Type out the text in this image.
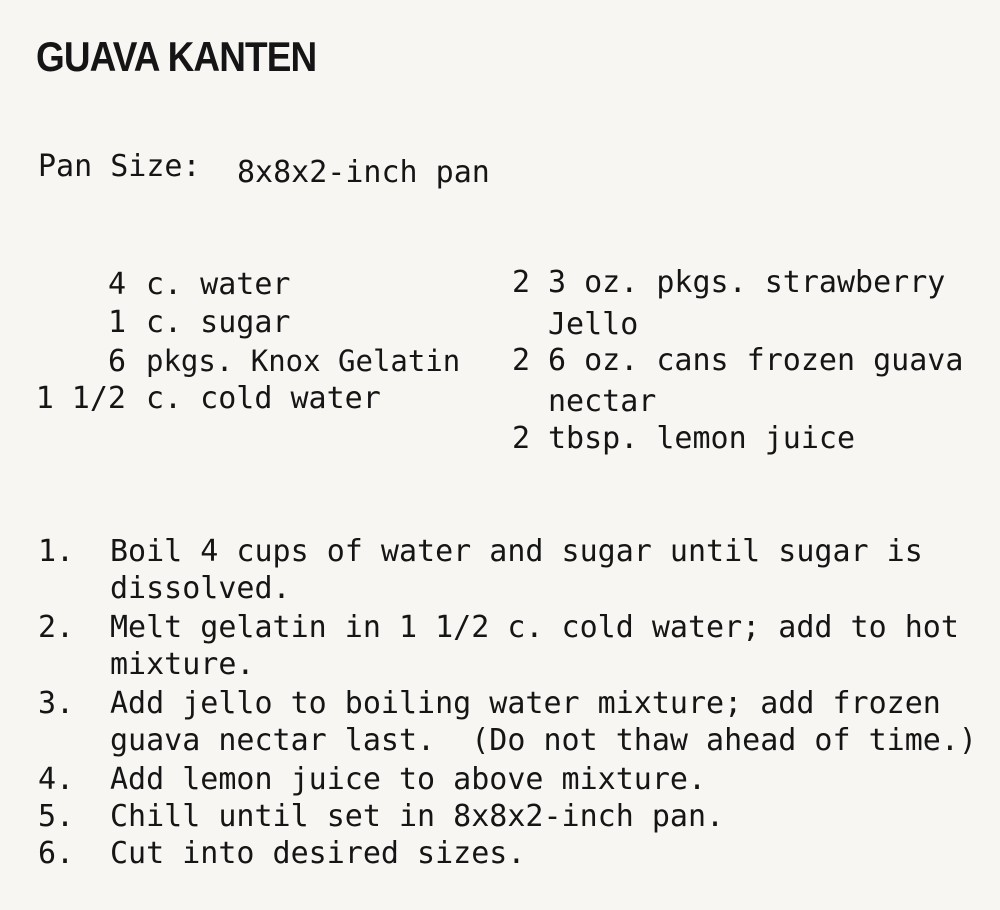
GUAVA KANTEN
Pan Size: 8x8x2-inch pan
4 c. water
1 c. sugar
6 pkgs. Knox Gelatin
1 1/2 c. cold water
2 3 oz. pkgs. strawberry
Jello
2 6 oz. cans frozen guava
nectar
2 tbsp. lemon juice
1. Boil 4 cups of water and sugar until sugar is
dissolved.
2. Melt gelatin in 1 1/2 c. cold water; add to hot
mixture.
3. Add jello to boiling water mixture; add frozen
guava nectar last.  (Do not thaw ahead of time.)
4. Add lemon juice to above mixture.
5. Chill until set in 8x8x2-inch pan.
6. Cut into desired sizes.
